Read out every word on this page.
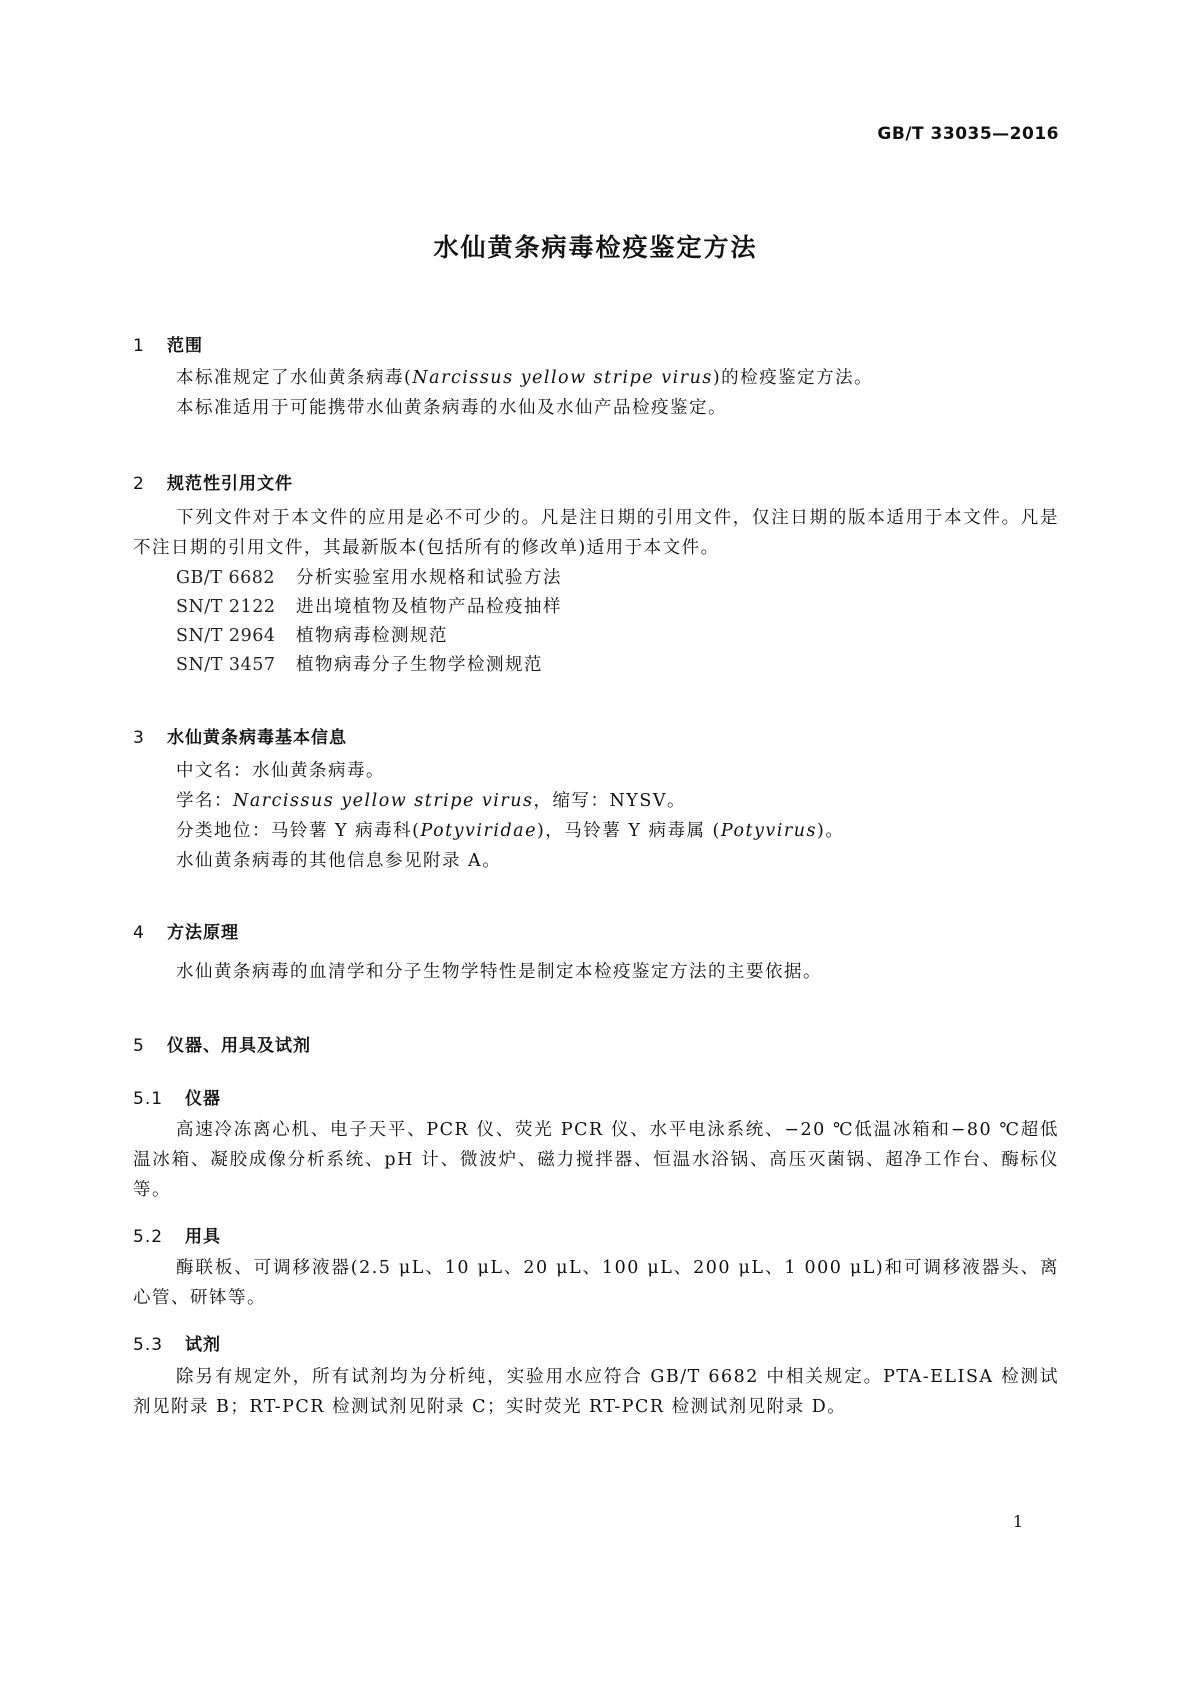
GB/T 33035—2016
水仙黄条病毒检疫鉴定方法
1 范围

本标准规定了水仙黄条病毒(Narcissus yellow stripe virus)的检疫鉴定方法。

本标准适用于可能携带水仙黄条病毒的水仙及水仙产品检疫鉴定。

2 规范性引用文件

下列文件对于本文件的应用是必不可少的。凡是注日期的引用文件，仅注日期的版本适用于本文件。凡是不注日期的引用文件，其最新版本(包括所有的修改单)适用于本文件。

GB/T 6682 分析实验室用水规格和试验方法

SN/T 2122 进出境植物及植物产品检疫抽样

SN/T 2964 植物病毒检测规范

SN/T 3457 植物病毒分子生物学检测规范

3 水仙黄条病毒基本信息

中文名：水仙黄条病毒。

学名：Narcissus yellow stripe virus，缩写：NYSV。

分类地位：马铃薯 Y 病毒科(Potyviridae)，马铃薯 Y 病毒属 (Potyvirus)。

水仙黄条病毒的其他信息参见附录 A。

4 方法原理

水仙黄条病毒的血清学和分子生物学特性是制定本检疫鉴定方法的主要依据。

5 仪器、用具及试剂
5.1 仪器

高速冷冻离心机、电子天平、PCR 仪、荧光 PCR 仪、水平电泳系统、−20 ℃低温冰箱和−80 ℃超低温冰箱、凝胶成像分析系统、pH 计、微波炉、磁力搅拌器、恒温水浴锅、高压灭菌锅、超净工作台、酶标仪等。

5.2 用具

酶联板、可调移液器(2.5 μL、10 μL、20 μL、100 μL、200 μL、1 000 μL)和可调移液器头、离心管、研钵等。

5.3 试剂

除另有规定外，所有试剂均为分析纯，实验用水应符合 GB/T 6682 中相关规定。PTA-ELISA 检测试剂见附录 B；RT-PCR 检测试剂见附录 C；实时荧光 RT-PCR 检测试剂见附录 D。

1
